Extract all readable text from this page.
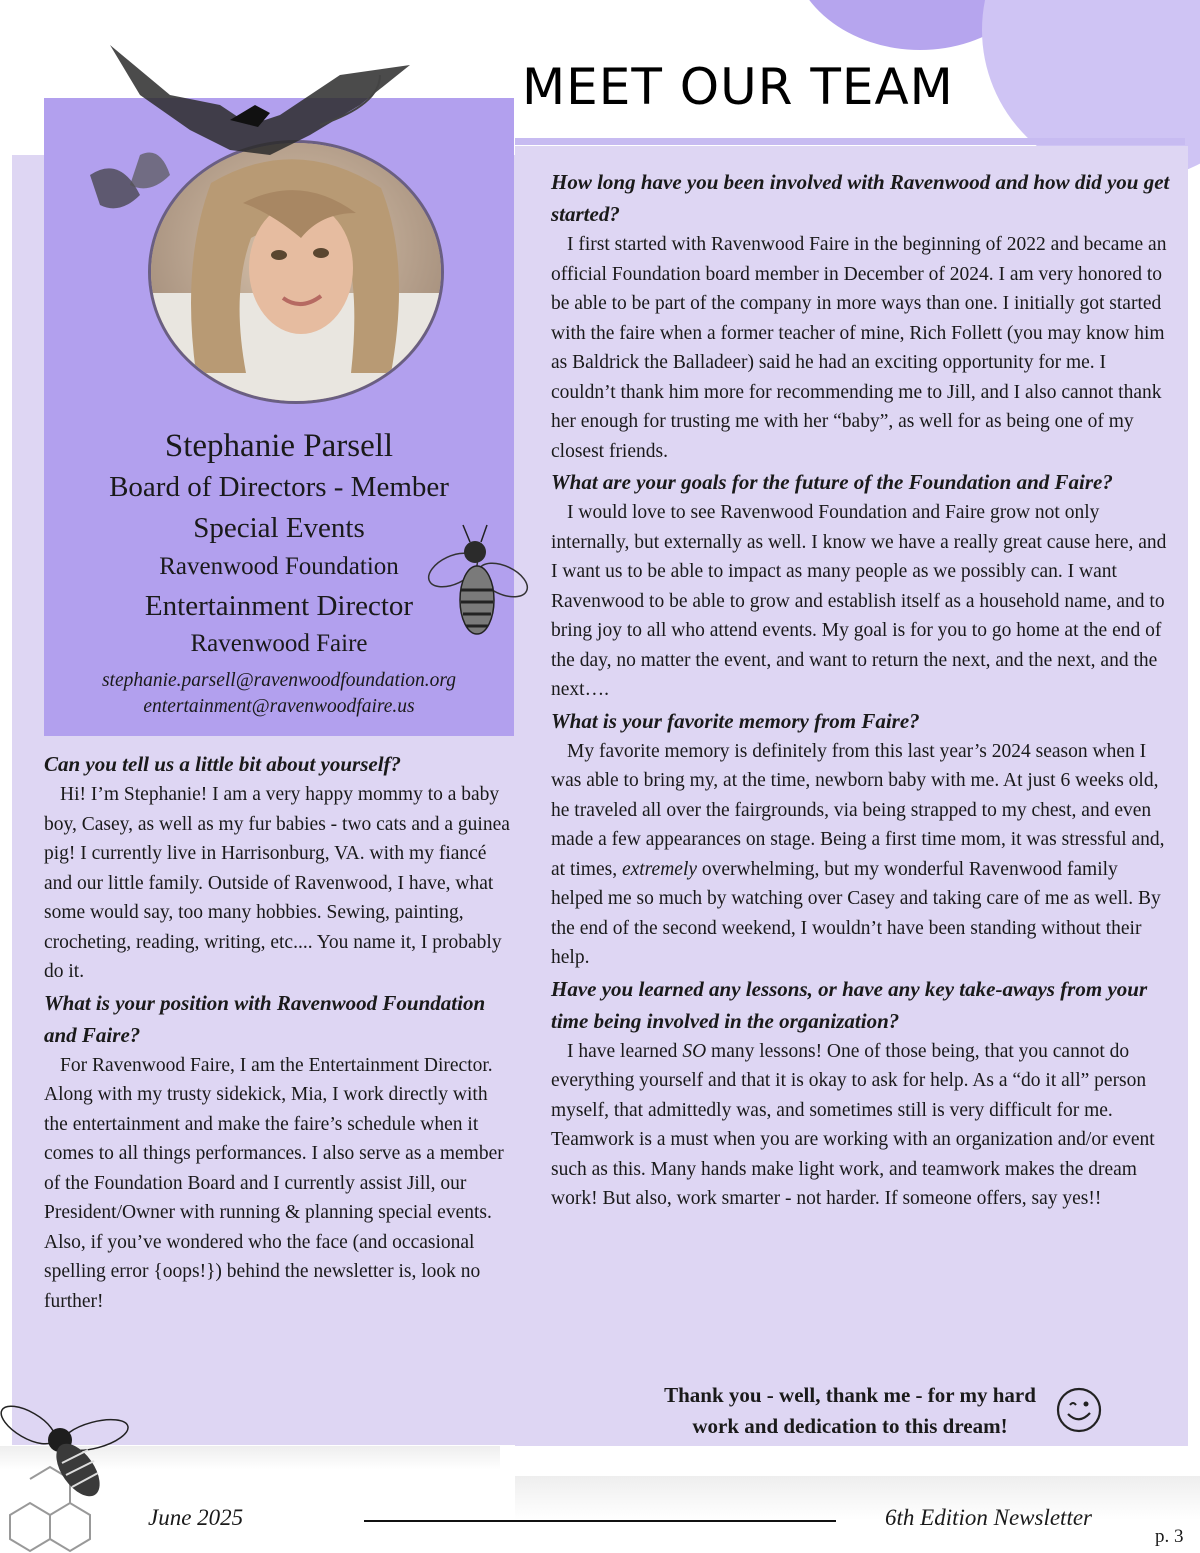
MEET OUR TEAM
Stephanie Parsell
Board of Directors - Member
Special Events
Ravenwood Foundation
Entertainment Director
Ravenwood Faire
stephanie.parsell@ravenwoodfoundation.org
entertainment@ravenwoodfaire.us

Can you tell us a little bit about yourself?

Hi! I’m Stephanie! I am a very happy mommy to a baby boy, Casey, as well as my fur babies - two cats and a guinea pig! I currently live in Harrisonburg, VA. with my fiancé and our little family. Outside of Ravenwood, I have, what some would say, too many hobbies. Sewing, painting, crocheting, reading, writing, etc.... You name it, I probably do it.

What is your position with Ravenwood Foundation and Faire?

For Ravenwood Faire, I am the Entertainment Director. Along with my trusty sidekick, Mia, I work directly with the entertainment and make the faire’s schedule when it comes to all things performances. I also serve as a member of the Foundation Board and I currently assist Jill, our President/Owner with running & planning special events. Also, if you’ve wondered who the face (and occasional spelling error {oops!}) behind the newsletter is, look no further!

How long have you been involved with Ravenwood and how did you get started?

I first started with Ravenwood Faire in the beginning of 2022 and became an official Foundation board member in December of 2024. I am very honored to be able to be part of the company in more ways than one. I initially got started with the faire when a former teacher of mine, Rich Follett (you may know him as Baldrick the Balladeer) said he had an exciting opportunity for me. I couldn’t thank him more for recommending me to Jill, and I also cannot thank her enough for trusting me with her “baby”, as well for as being one of my closest friends.

What are your goals for the future of the Foundation and Faire?

I would love to see Ravenwood Foundation and Faire grow not only internally, but externally as well. I know we have a really great cause here, and I want us to be able to impact as many people as we possibly can. I want Ravenwood to be able to grow and establish itself as a household name, and to bring joy to all who attend events. My goal is for you to go home at the end of the day, no matter the event, and want to return the next, and the next, and the next….

What is your favorite memory from Faire?

My favorite memory is definitely from this last year’s 2024 season when I was able to bring my, at the time, newborn baby with me. At just 6 weeks old, he traveled all over the fairgrounds, via being strapped to my chest, and even made a few appearances on stage. Being a first time mom, it was stressful and, at times, extremely overwhelming, but my wonderful Ravenwood family helped me so much by watching over Casey and taking care of me as well. By the end of the second weekend, I wouldn’t have been standing without their help.

Have you learned any lessons, or have any key take-aways from your time being involved in the organization?

I have learned SO many lessons! One of those being, that you cannot do everything yourself and that it is okay to ask for help. As a “do it all” person myself, that admittedly was, and sometimes still is very difficult for me. Teamwork is a must when you are working with an organization and/or event such as this. Many hands make light work, and teamwork makes the dream work! But also, work smarter - not harder. If someone offers, say yes!!

Thank you - well, thank me - for my hard
work and dedication to this dream!
June 2025	6th Edition Newsletter
p. 3
